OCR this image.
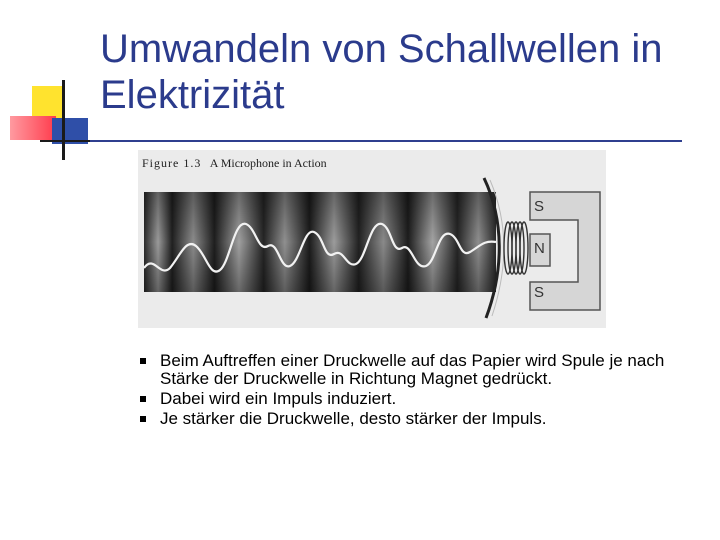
Umwandeln von Schallwellen in Elektrizität
Figure 1.3 A Microphone in Action
S
N
S
Beim Auftreffen einer Druckwelle auf das Papier wird Spule je nach Stärke der Druckwelle in Richtung Magnet gedrückt.
Dabei wird ein Impuls induziert.
Je stärker die Druckwelle, desto stärker der Impuls.
